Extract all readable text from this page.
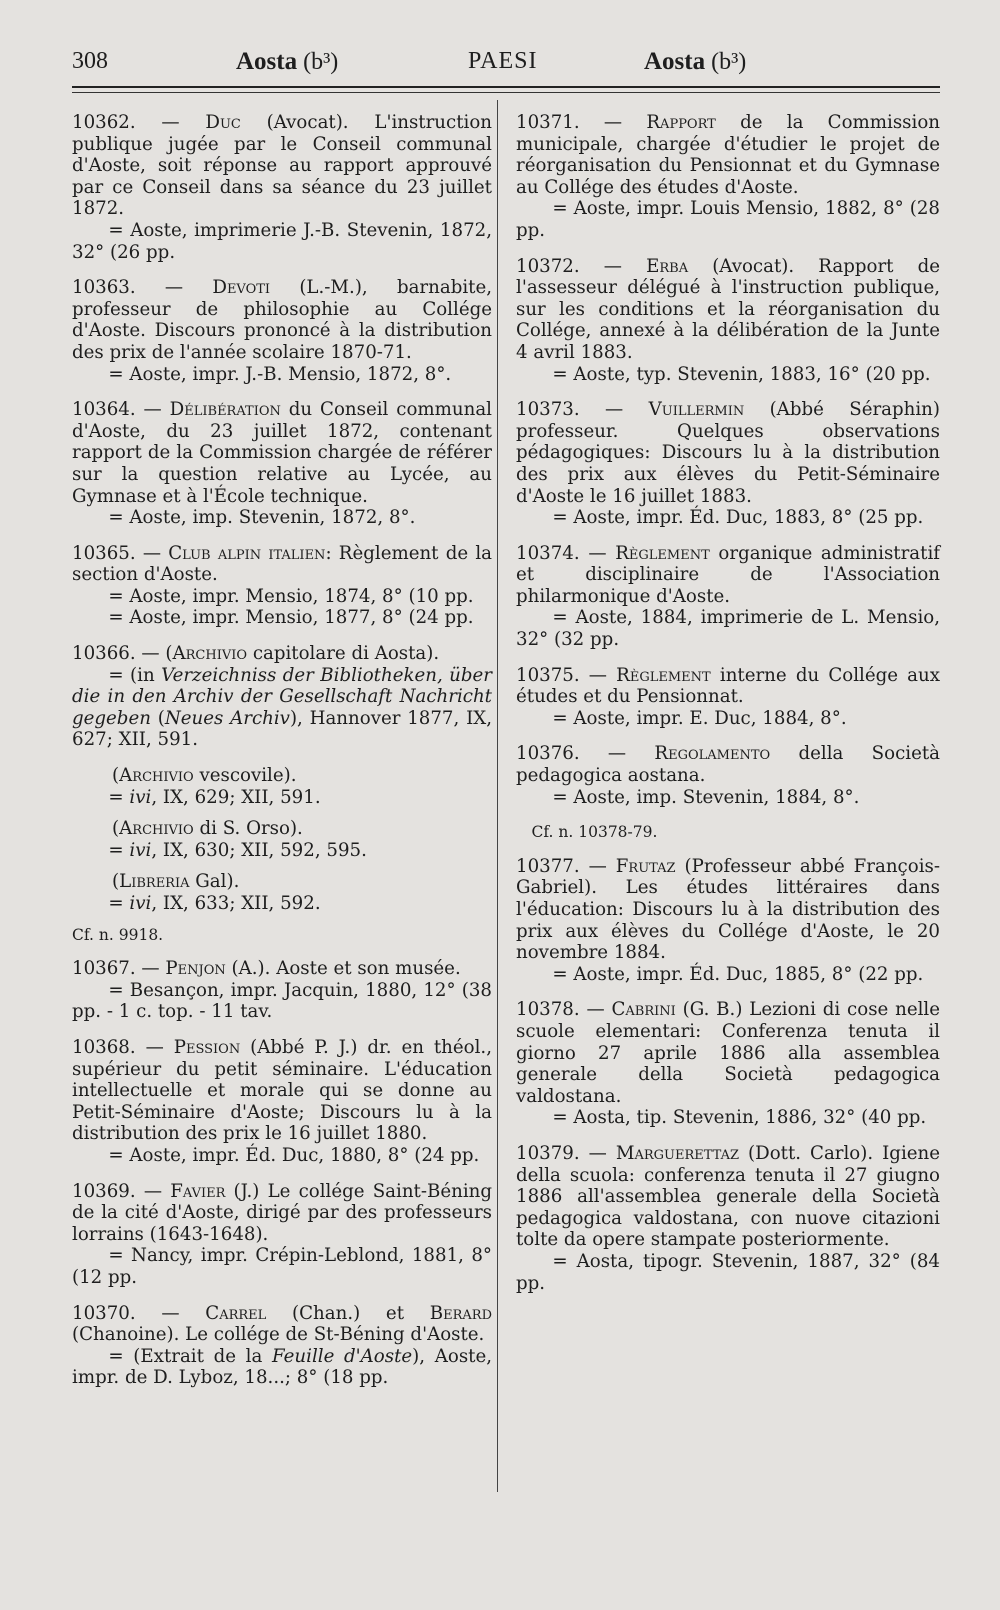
308	Aosta (b³)	PAESI	Aosta (b³)

10362. — Duc (Avocat). L'instruction publique jugée par le Conseil communal d'Aoste, soit réponse au rapport approuvé par ce Conseil dans sa séance du 23 juillet 1872.

= Aoste, imprimerie J.-B. Stevenin, 1872, 32° (26 pp.

10363. — Devoti (L.-M.), barnabite, professeur de philosophie au Collége d'Aoste. Discours prononcé à la distribution des prix de l'année scolaire 1870-71.

= Aoste, impr. J.-B. Mensio, 1872, 8°.

10364. — Délibération du Conseil communal d'Aoste, du 23 juillet 1872, contenant rapport de la Commission chargée de référer sur la question relative au Lycée, au Gymnase et à l'École technique.

= Aoste, imp. Stevenin, 1872, 8°.

10365. — Club alpin italien: Règlement de la section d'Aoste.

= Aoste, impr. Mensio, 1874, 8° (10 pp.

= Aoste, impr. Mensio, 1877, 8° (24 pp.

10366. — (Archivio capitolare di Aosta).

= (in Verzeichniss der Bibliotheken, über die in den Archiv der Gesellschaft Nachricht gegeben (Neues Archiv), Hannover 1877, IX, 627; XII, 591.

(Archivio vescovile).

= ivi, IX, 629; XII, 591.

(Archivio di S. Orso).

= ivi, IX, 630; XII, 592, 595.

(Libreria Gal).

= ivi, IX, 633; XII, 592.

Cf. n. 9918.

10367. — Penjon (A.). Aoste et son musée.

= Besançon, impr. Jacquin, 1880, 12° (38 pp. - 1 c. top. - 11 tav.

10368. — Pession (Abbé P. J.) dr. en théol., supérieur du petit séminaire. L'éducation intellectuelle et morale qui se donne au Petit-Séminaire d'Aoste; Discours lu à la distribution des prix le 16 juillet 1880.

= Aoste, impr. Éd. Duc, 1880, 8° (24 pp.

10369. — Favier (J.) Le collége Saint-Béning de la cité d'Aoste, dirigé par des professeurs lorrains (1643-1648).

= Nancy, impr. Crépin-Leblond, 1881, 8° (12 pp.

10370. — Carrel (Chan.) et Berard (Chanoine). Le collége de St-Béning d'Aoste.

= (Extrait de la Feuille d'Aoste), Aoste, impr. de D. Lyboz, 18...; 8° (18 pp.

10371. — Rapport de la Commission municipale, chargée d'étudier le projet de réorganisation du Pensionnat et du Gymnase au Collége des études d'Aoste.

= Aoste, impr. Louis Mensio, 1882, 8° (28 pp.

10372. — Erba (Avocat). Rapport de l'assesseur délégué à l'instruction publique, sur les conditions et la réorganisation du Collége, annexé à la délibération de la Junte 4 avril 1883.

= Aoste, typ. Stevenin, 1883, 16° (20 pp.

10373. — Vuillermin (Abbé Séraphin) professeur. Quelques observations pédagogiques: Discours lu à la distribution des prix aux élèves du Petit-Séminaire d'Aoste le 16 juillet 1883.

= Aoste, impr. Éd. Duc, 1883, 8° (25 pp.

10374. — Règlement organique administratif et disciplinaire de l'Association philarmonique d'Aoste.

= Aoste, 1884, imprimerie de L. Mensio, 32° (32 pp.

10375. — Règlement interne du Collége aux études et du Pensionnat.

= Aoste, impr. E. Duc, 1884, 8°.

10376. — Regolamento della Società pedagogica aostana.

= Aoste, imp. Stevenin, 1884, 8°.

Cf. n. 10378-79.

10377. — Frutaz (Professeur abbé François-Gabriel). Les études littéraires dans l'éducation: Discours lu à la distribution des prix aux élèves du Collége d'Aoste, le 20 novembre 1884.

= Aoste, impr. Éd. Duc, 1885, 8° (22 pp.

10378. — Cabrini (G. B.) Lezioni di cose nelle scuole elementari: Conferenza tenuta il giorno 27 aprile 1886 alla assemblea generale della Società pedagogica valdostana.

= Aosta, tip. Stevenin, 1886, 32° (40 pp.

10379. — Marguerettaz (Dott. Carlo). Igiene della scuola: conferenza tenuta il 27 giugno 1886 all'assemblea generale della Società pedagogica valdostana, con nuove citazioni tolte da opere stampate posteriormente.

= Aosta, tipogr. Stevenin, 1887, 32° (84 pp.
